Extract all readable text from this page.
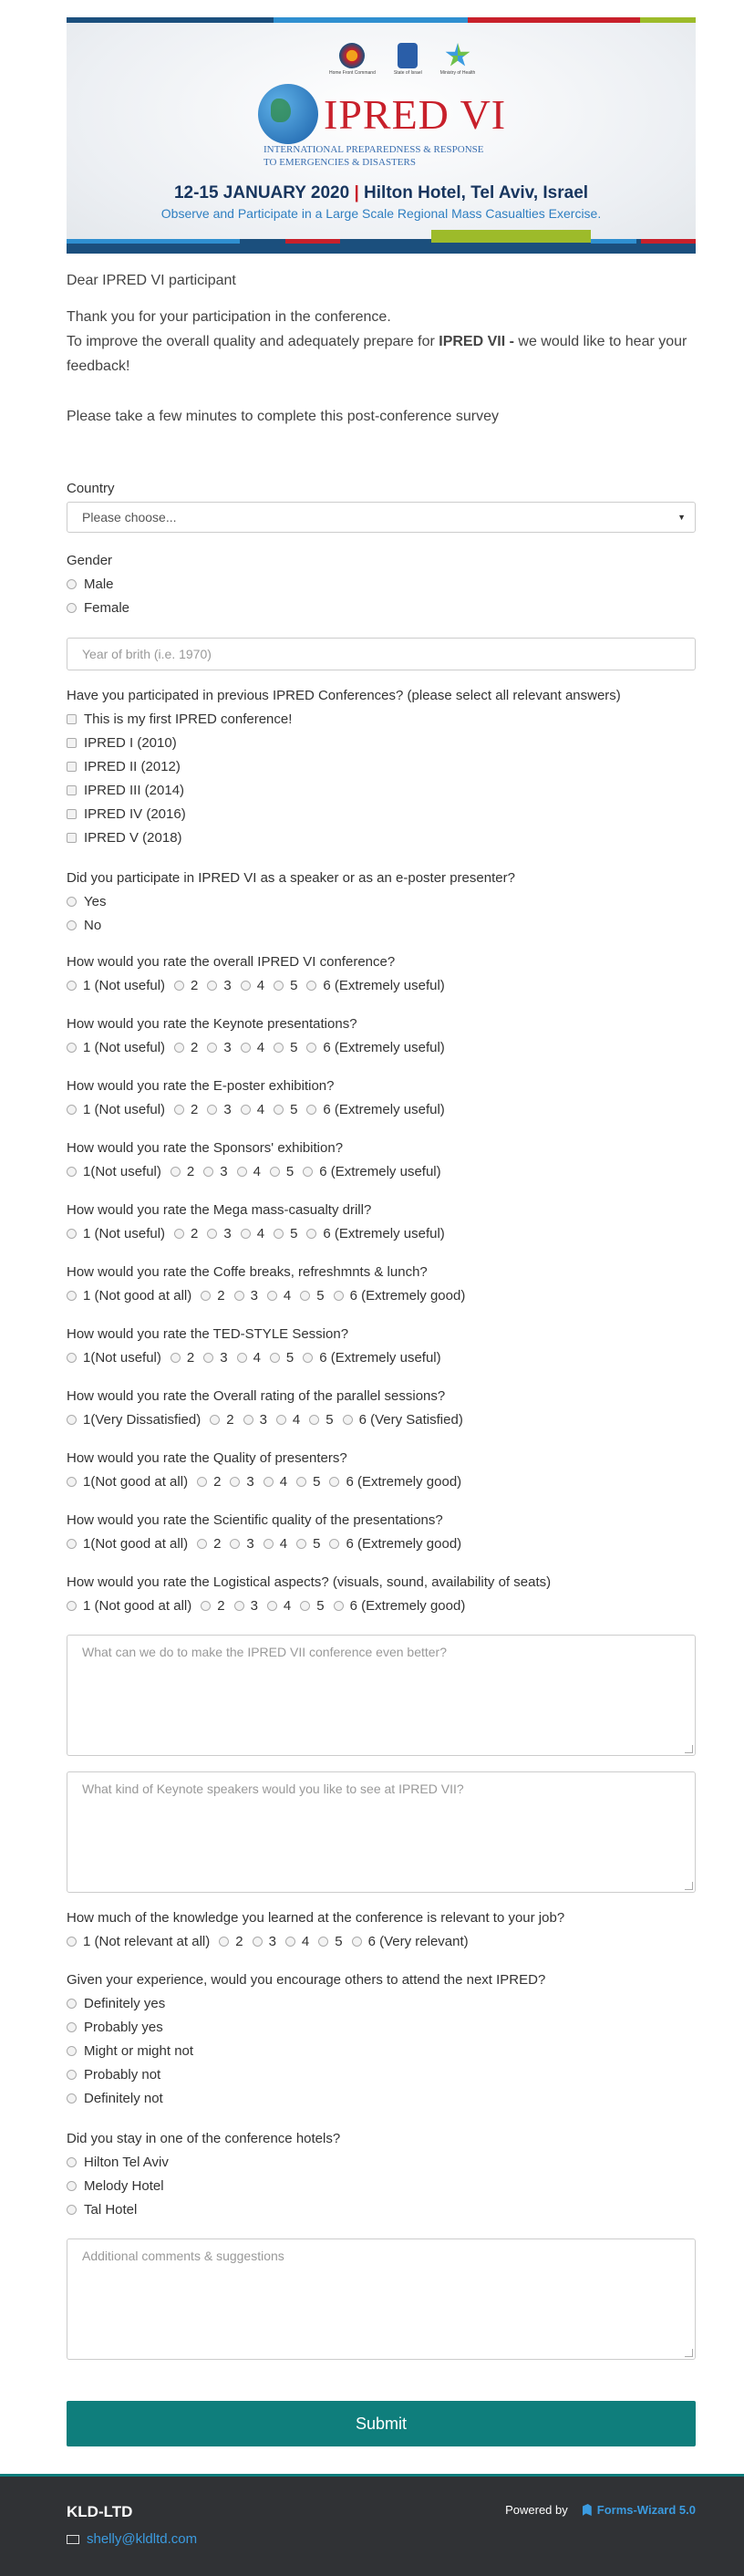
Home Front Command	State of Israel	Ministry of Health
IPRED VI
INTERNATIONAL PREPAREDNESS & RESPONSE
TO EMERGENCIES & DISASTERS
12-15 JANUARY 2020 | Hilton Hotel, Tel Aviv, Israel
Observe and Participate in a Large Scale Regional Mass Casualties Exercise.
Dear IPRED VI participant
Thank you for your participation in the conference.
To improve the overall quality and adequately prepare for IPRED VII - we would like to hear your feedback!
Please take a few minutes to complete this post-conference survey
Country
Please choose...	▼
Gender
Male
Female
Year of brith (i.e. 1970)
Have you participated in previous IPRED Conferences? (please select all relevant answers)
This is my first IPRED conference!
IPRED I (2010)
IPRED II (2012)
IPRED III (2014)
IPRED IV (2016)
IPRED V (2018)
Did you participate in IPRED VI as a speaker or as an e-poster presenter?
Yes
No
How would you rate the overall IPRED VI conference?
1 (Not useful) 2 3 4 5 6 (Extremely useful)
How would you rate the Keynote presentations?
1 (Not useful) 2 3 4 5 6 (Extremely useful)
How would you rate the E-poster exhibition?
1 (Not useful) 2 3 4 5 6 (Extremely useful)
How would you rate the Sponsors' exhibition?
1(Not useful) 2 3 4 5 6 (Extremely useful)
How would you rate the Mega mass-casualty drill?
1 (Not useful) 2 3 4 5 6 (Extremely useful)
How would you rate the Coffe breaks, refreshmnts & lunch?
1 (Not good at all) 2 3 4 5 6 (Extremely good)
How would you rate the TED-STYLE Session?
1(Not useful) 2 3 4 5 6 (Extremely useful)
How would you rate the Overall rating of the parallel sessions?
1(Very Dissatisfied) 2 3 4 5 6 (Very Satisfied)
How would you rate the Quality of presenters?
1(Not good at all) 2 3 4 5 6 (Extremely good)
How would you rate the Scientific quality of the presentations?
1(Not good at all) 2 3 4 5 6 (Extremely good)
How would you rate the Logistical aspects? (visuals, sound, availability of seats)
1 (Not good at all) 2 3 4 5 6 (Extremely good)
What can we do to make the IPRED VII conference even better?
What kind of Keynote speakers would you like to see at IPRED VII?
How much of the knowledge you learned at the conference is relevant to your job?
1 (Not relevant at all) 2 3 4 5 6 (Very relevant)
Given your experience, would you encourage others to attend the next IPRED?
Definitely yes
Probably yes
Might or might not
Probably not
Definitely not
Did you stay in one of the conference hotels?
Hilton Tel Aviv
Melody Hotel
Tal Hotel
Additional comments & suggestions
Submit
KLD-LTD
shelly@kldltd.com
Powered by Forms-Wizard 5.0
